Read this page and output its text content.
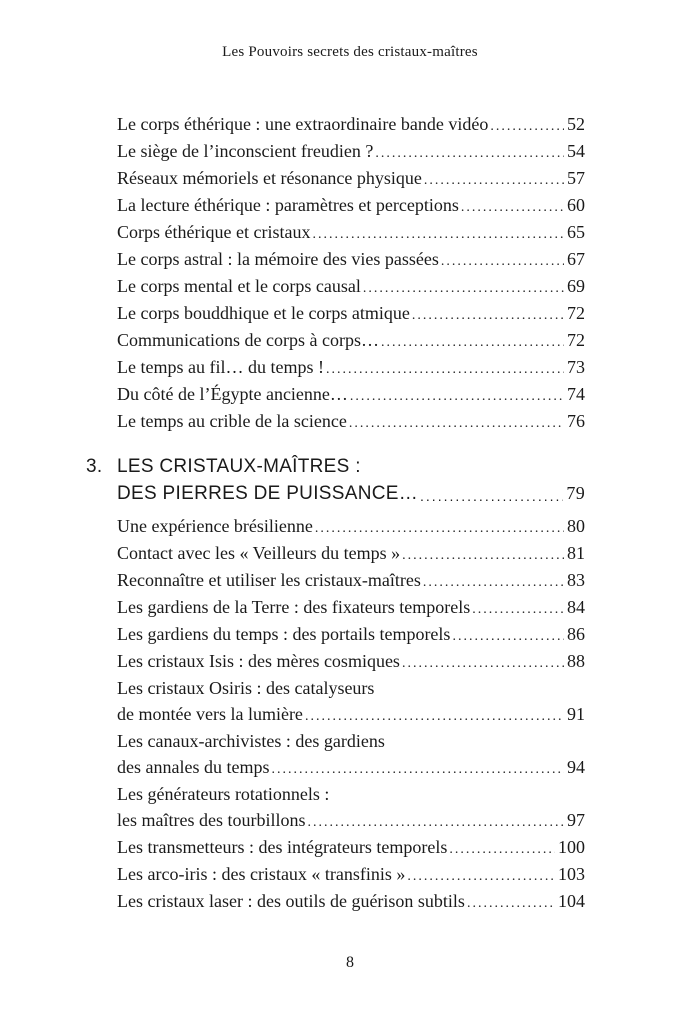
Les Pouvoirs secrets des cristaux-maîtres
Le corps éthérique : une extraordinaire bande vidéo .....	52
Le siège de l’inconscient freudien ? .....	54
Réseaux mémoriels et résonance physique .....	57
La lecture éthérique : paramètres et perceptions .....	60
Corps éthérique et cristaux .....	65
Le corps astral : la mémoire des vies passées .....	67
Le corps mental et le corps causal .....	69
Le corps bouddhique et le corps atmique .....	72
Communications de corps à corps… .....	72
Le temps au fil… du temps ! .....	73
Du côté de l’Égypte ancienne… .....	74
Le temps au crible de la science .....	76
3. LES CRISTAUX-MAÎTRES :
DES PIERRES DE PUISSANCE… .....	79
Une expérience brésilienne .....	80
Contact avec les « Veilleurs du temps » .....	81
Reconnaître et utiliser les cristaux-maîtres .....	83
Les gardiens de la Terre : des fixateurs temporels .....	84
Les gardiens du temps : des portails temporels .....	86
Les cristaux Isis : des mères cosmiques .....	88
Les cristaux Osiris : des catalyseurs
de montée vers la lumière .....	91
Les canaux-archivistes : des gardiens
des annales du temps .....	94
Les générateurs rotationnels :
les maîtres des tourbillons .....	97
Les transmetteurs : des intégrateurs temporels .....	100
Les arco-iris : des cristaux « transfinis » .....	103
Les cristaux laser : des outils de guérison subtils .....	104
8
